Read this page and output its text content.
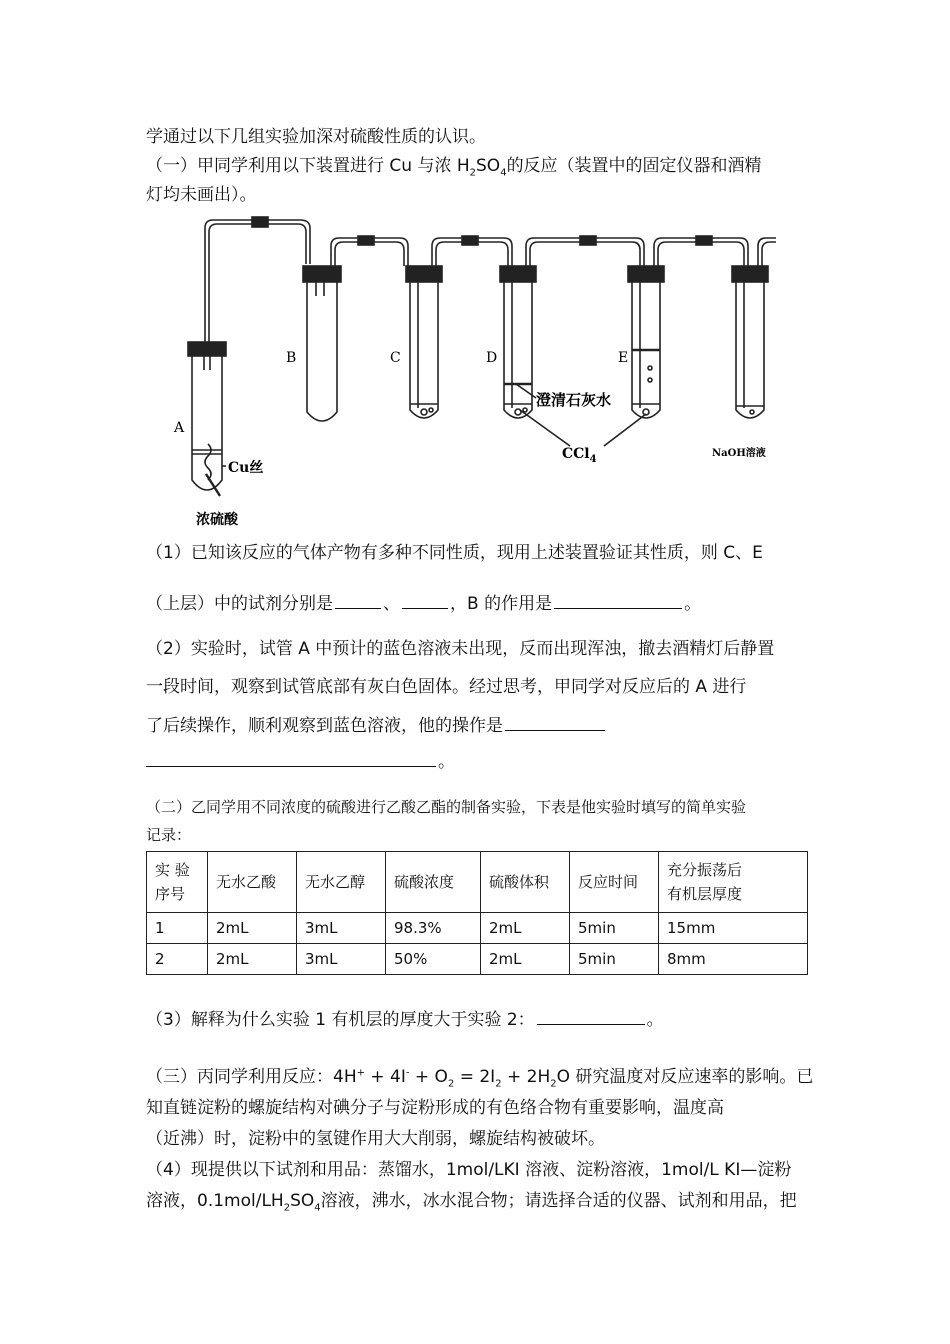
学通过以下几组实验加深对硫酸性质的认识。
（一）甲同学利用以下装置进行 Cu 与浓 $H_2SO_4$的反应（装置中的固定仪器和酒精
灯均未画出）。
A
B	C	D	E
Cu丝
浓硫酸
澄清石灰水
CCl$_4$
NaOH溶液
（1）已知该反应的气体产物有多种不同性质，现用上述装置验证其性质，则 C、E
（上层）中的试剂分别是	、	，B 的作用是	。
（2）实验时，试管 A 中预计的蓝色溶液未出现，反而出现浑浊，撤去酒精灯后静置
一段时间，观察到试管底部有灰白色固体。经过思考，甲同学对反应后的 A 进行
了后续操作，顺利观察到蓝色溶液，他的操作是
。
（二）乙同学用不同浓度的硫酸进行乙酸乙酯的制备实验，下表是他实验时填写的简单实验
记录：
实 验
序号	无水乙酸	无水乙醇	硫酸浓度	硫酸体积	反应时间	充分振荡后
有机层厚度
1	2mL	3mL	98.3%	2mL	5min	15mm
2	2mL	3mL	50%	2mL	5min	8mm
（3）解释为什么实验 1 有机层的厚度大于实验 2：	。
（三）丙同学利用反应：$4H^+ + 4I^- + O_2 = 2I_2 + 2H_2O$ 研究温度对反应速率的影响。已
知直链淀粉的螺旋结构对碘分子与淀粉形成的有色络合物有重要影响，温度高
（近沸）时，淀粉中的氢键作用大大削弱，螺旋结构被破坏。
（4）现提供以下试剂和用品：蒸馏水，1mol/LKI 溶液、淀粉溶液，1mol/L KI—淀粉
溶液，$0.1mol/LH_2SO_4$溶液，沸水，冰水混合物；请选择合适的仪器、试剂和用品，把
